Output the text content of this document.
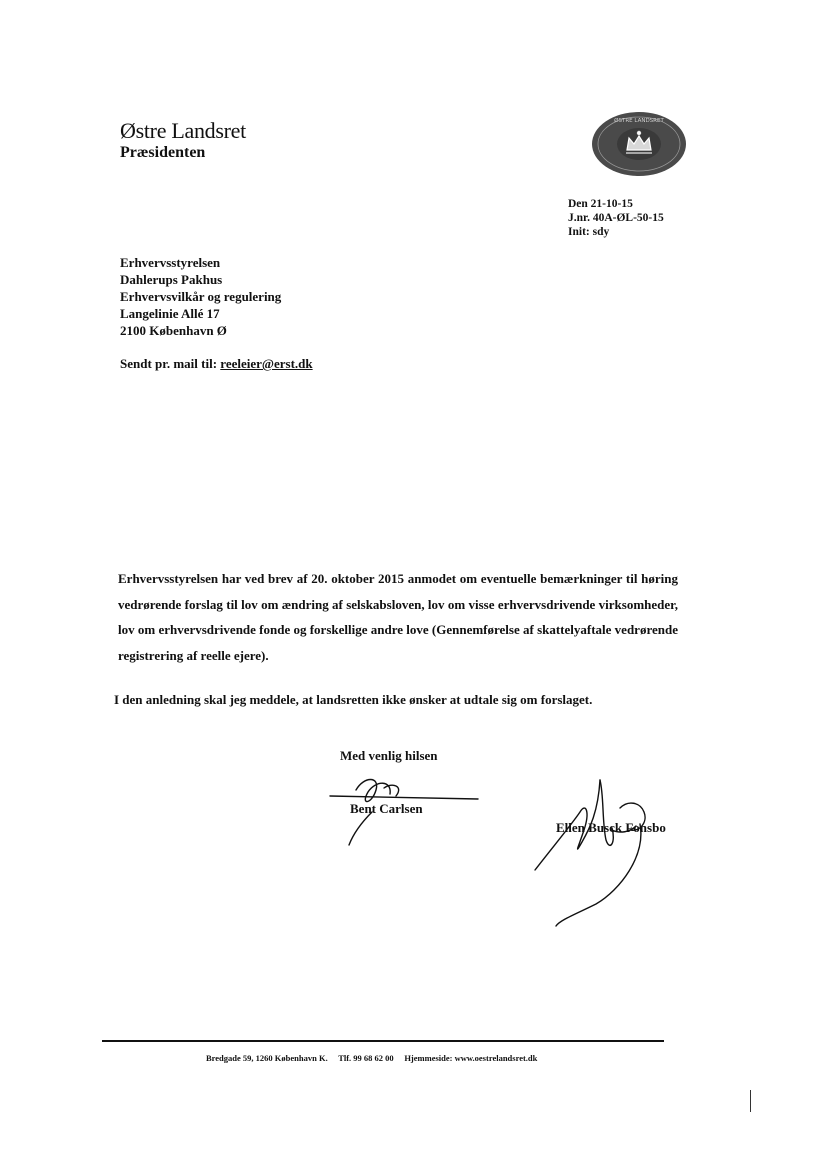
Østre Landsret
Præsidenten
ØSTRE LANDSRET
Den 21-10-15
J.nr. 40A-ØL-50-15
Init: sdy
Erhvervsstyrelsen
Dahlerups Pakhus
Erhvervsvilkår og regulering
Langelinie Allé 17
2100 København Ø
Sendt pr. mail til: reeleier@erst.dk
Erhvervsstyrelsen har ved brev af 20. oktober 2015 anmodet om eventuelle bemærkninger til høring vedrørende forslag til lov om ændring af selskabsloven, lov om visse erhvervsdrivende virksomheder, lov om erhvervsdrivende fonde og forskellige andre love (Gennemførelse af skattelyaftale vedrørende registrering af reelle ejere).
I den anledning skal jeg meddele, at landsretten ikke ønsker at udtale sig om forslaget.
Med venlig hilsen
Bent Carlsen
Ellen Busck Fonsbo
Bredgade 59, 1260 København K. Tlf. 99 68 62 00 Hjemmeside: www.oestrelandsret.dk
